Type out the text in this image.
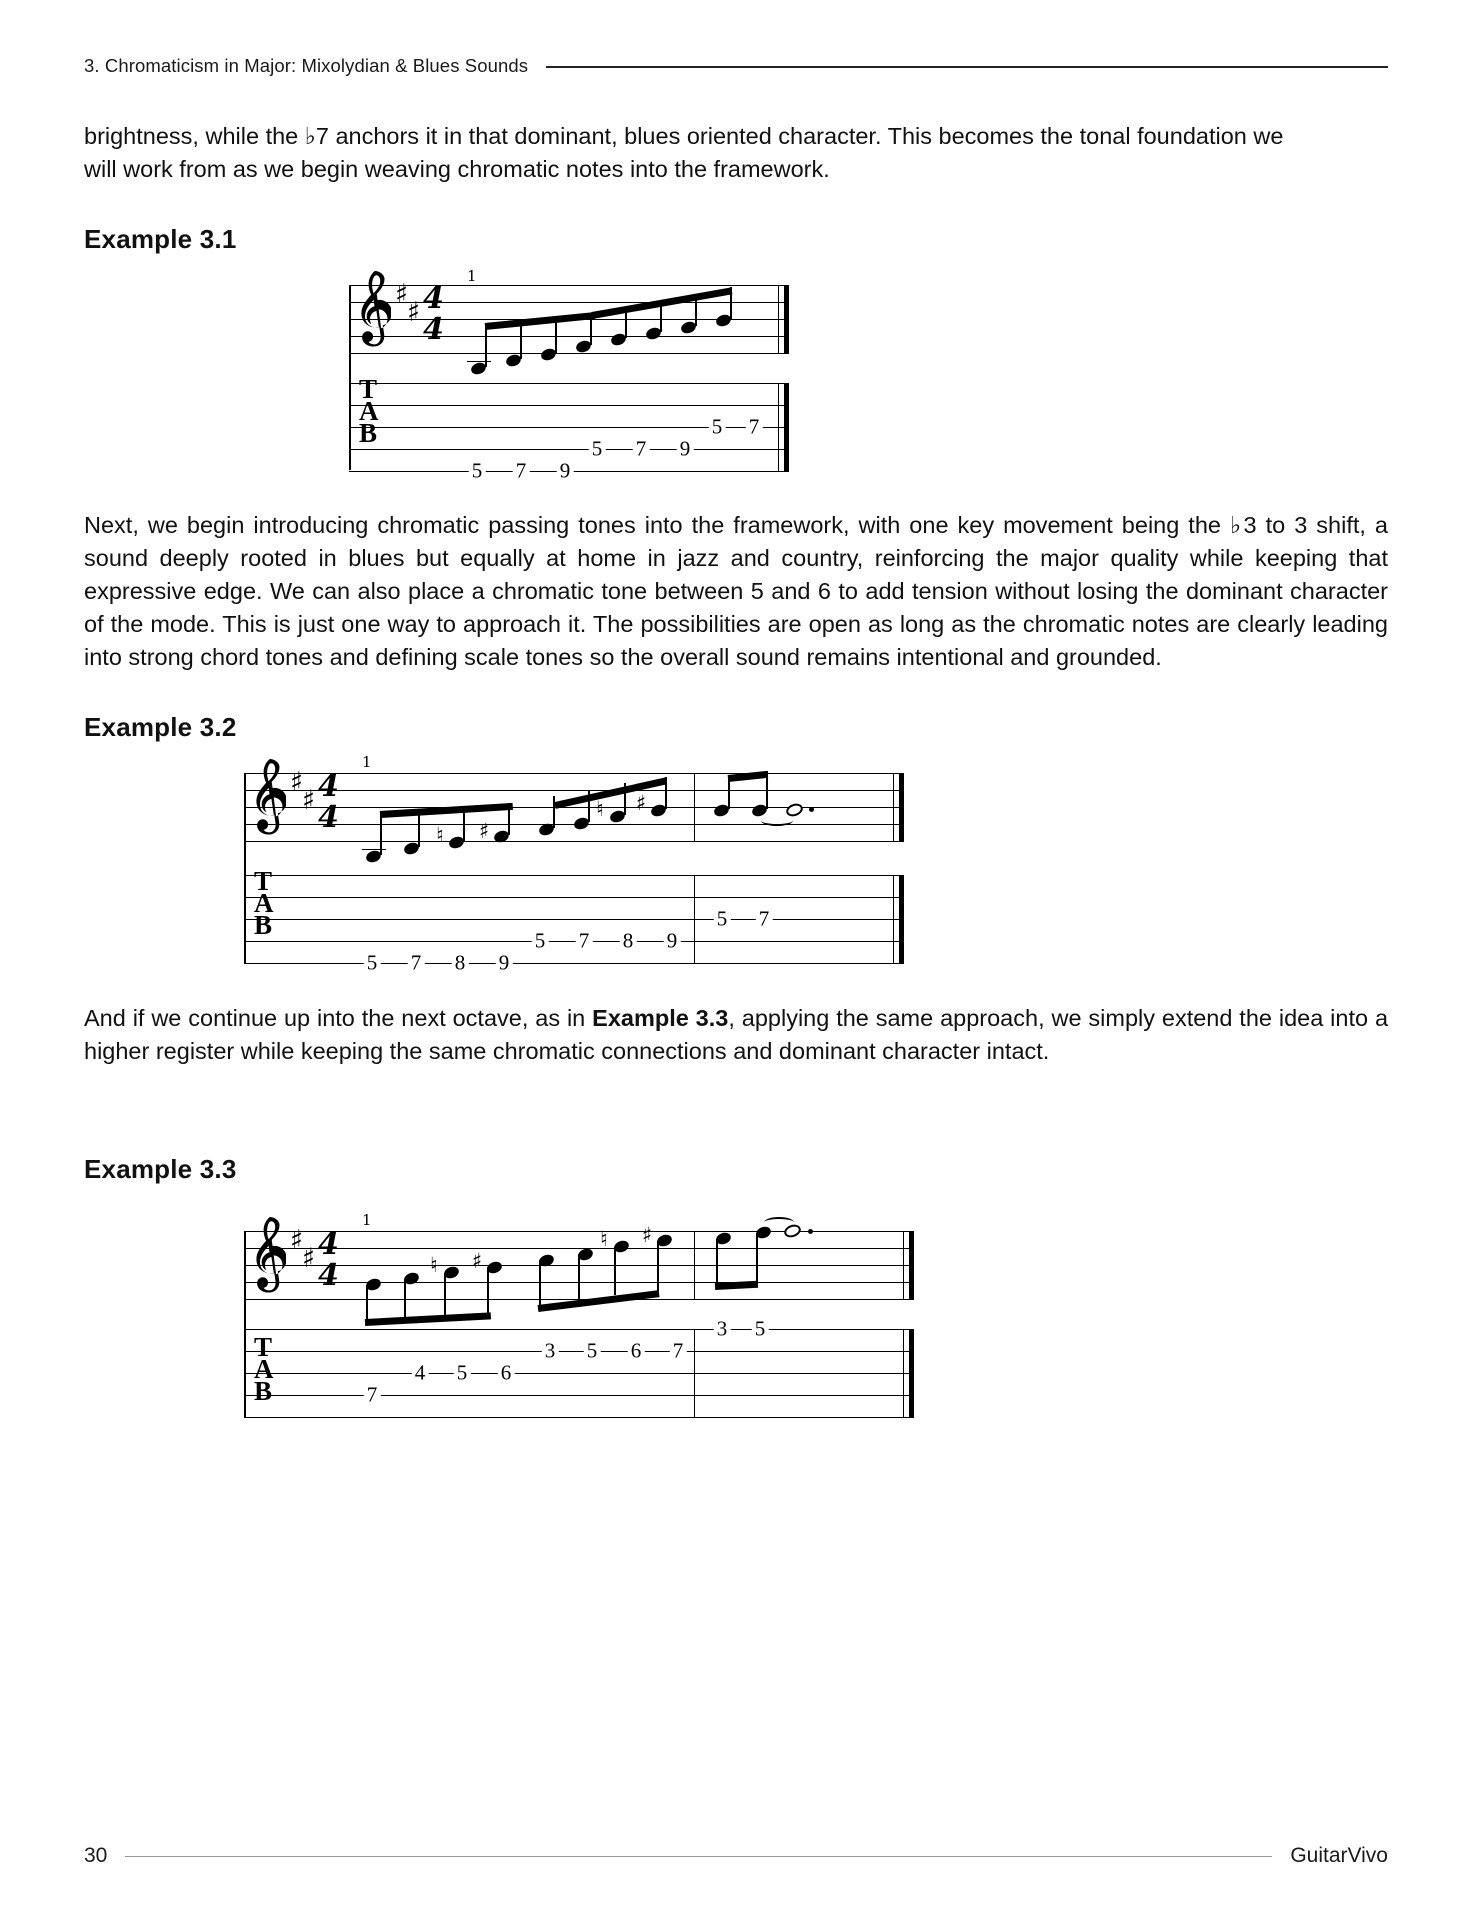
3. Chromaticism in Major: Mixolydian & Blues Sounds
brightness, while the ♭7 anchors it in that dominant, blues oriented character. This becomes the tonal foundation we
will work from as we begin weaving chromatic notes into the framework.
Example 3.1
♯
♯ 4
4
1
T
A
B
5 7 9
5 7 9
5 7
Next, we begin introducing chromatic passing tones into the framework, with one key movement being the ♭3 to 3 shift, a sound deeply rooted in blues but equally at home in jazz and country, reinforcing the major quality while keeping that expressive edge. We can also place a chromatic tone between 5 and 6 to add tension without losing the dominant character of the mode. This is just one way to approach it. The possibilities are open as long as the chromatic notes are clearly leading into strong chord tones and defining scale tones so the overall sound remains intentional and grounded.
Example 3.2
♯
♯ 4
4
1
♮ ♯
♮ ♯
T
A
B
5 7 8 9
5 7 8 9
5 7
And if we continue up into the next octave, as in Example 3.3, applying the same approach, we simply extend the idea into a higher register while keeping the same chromatic connections and dominant character intact.
Example 3.3
♯
♯ 4
4
1
♮ ♯
♮ ♯
T
A
B	7
4 5 6
3 5 6 7
3 5
30	GuitarVivo
